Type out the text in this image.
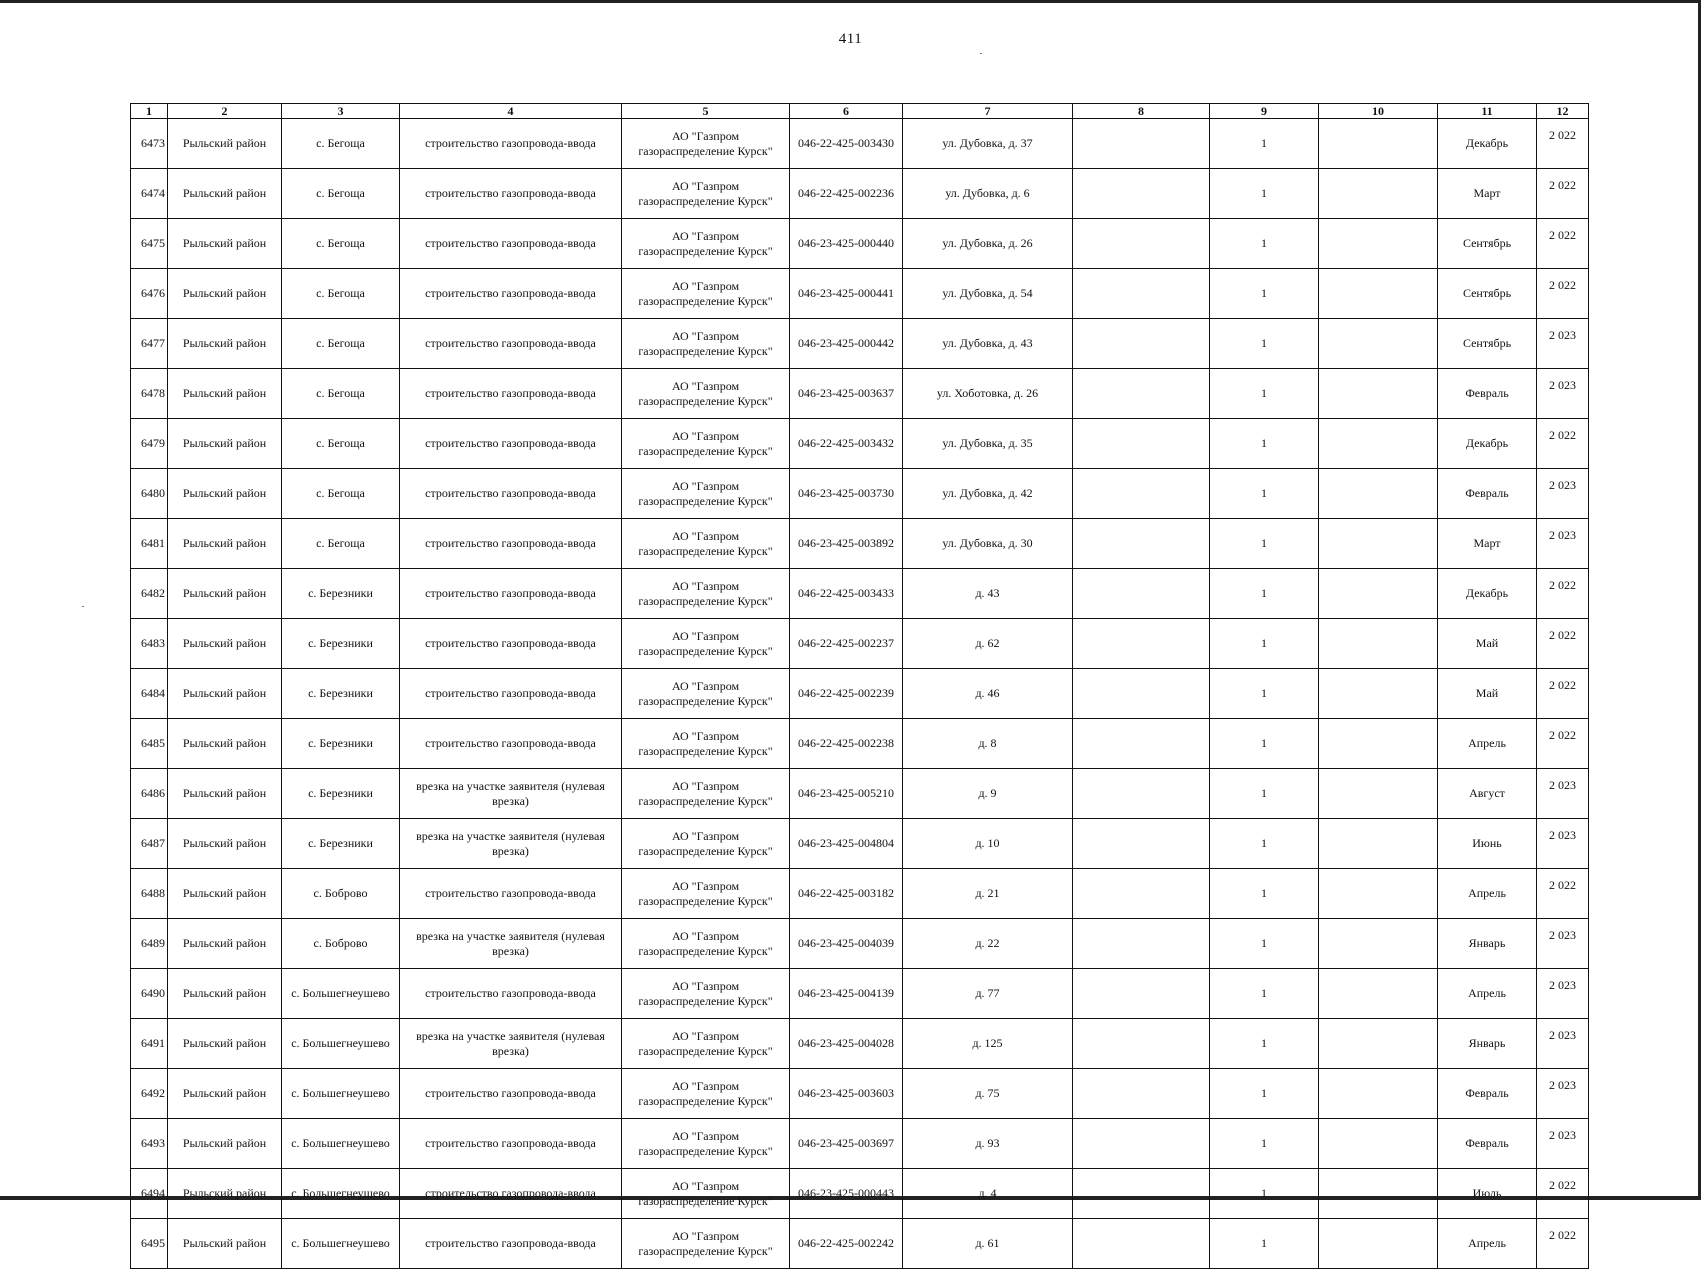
411
1	2	3	4	5	6	7	8	9	10	11	12
6473	Рыльский район	с. Бегоща	строительство газопровода-ввода	АО "Газпром
газораспределение Курск"	046-22-425-003430	ул. Дубовка, д. 37		1		Декабрь	2 022
6474	Рыльский район	с. Бегоща	строительство газопровода-ввода	АО "Газпром
газораспределение Курск"	046-22-425-002236	ул. Дубовка, д. 6		1		Март	2 022
6475	Рыльский район	с. Бегоща	строительство газопровода-ввода	АО "Газпром
газораспределение Курск"	046-23-425-000440	ул. Дубовка, д. 26		1		Сентябрь	2 022
6476	Рыльский район	с. Бегоща	строительство газопровода-ввода	АО "Газпром
газораспределение Курск"	046-23-425-000441	ул. Дубовка, д. 54		1		Сентябрь	2 022
6477	Рыльский район	с. Бегоща	строительство газопровода-ввода	АО "Газпром
газораспределение Курск"	046-23-425-000442	ул. Дубовка, д. 43		1		Сентябрь	2 023
6478	Рыльский район	с. Бегоща	строительство газопровода-ввода	АО "Газпром
газораспределение Курск"	046-23-425-003637	ул. Хоботовка, д. 26		1		Февраль	2 023
6479	Рыльский район	с. Бегоща	строительство газопровода-ввода	АО "Газпром
газораспределение Курск"	046-22-425-003432	ул. Дубовка, д. 35		1		Декабрь	2 022
6480	Рыльский район	с. Бегоща	строительство газопровода-ввода	АО "Газпром
газораспределение Курск"	046-23-425-003730	ул. Дубовка, д. 42		1		Февраль	2 023
6481	Рыльский район	с. Бегоща	строительство газопровода-ввода	АО "Газпром
газораспределение Курск"	046-23-425-003892	ул. Дубовка, д. 30		1		Март	2 023
6482	Рыльский район	с. Березники	строительство газопровода-ввода	АО "Газпром
газораспределение Курск"	046-22-425-003433	д. 43		1		Декабрь	2 022
6483	Рыльский район	с. Березники	строительство газопровода-ввода	АО "Газпром
газораспределение Курск"	046-22-425-002237	д. 62		1		Май	2 022
6484	Рыльский район	с. Березники	строительство газопровода-ввода	АО "Газпром
газораспределение Курск"	046-22-425-002239	д. 46		1		Май	2 022
6485	Рыльский район	с. Березники	строительство газопровода-ввода	АО "Газпром
газораспределение Курск"	046-22-425-002238	д. 8		1		Апрель	2 022
6486	Рыльский район	с. Березники	врезка на участке заявителя (нулевая врезка)	АО "Газпром
газораспределение Курск"	046-23-425-005210	д. 9		1		Август	2 023
6487	Рыльский район	с. Березники	врезка на участке заявителя (нулевая врезка)	АО "Газпром
газораспределение Курск"	046-23-425-004804	д. 10		1		Июнь	2 023
6488	Рыльский район	с. Боброво	строительство газопровода-ввода	АО "Газпром
газораспределение Курск"	046-22-425-003182	д. 21		1		Апрель	2 022
6489	Рыльский район	с. Боброво	врезка на участке заявителя (нулевая врезка)	АО "Газпром
газораспределение Курск"	046-23-425-004039	д. 22		1		Январь	2 023
6490	Рыльский район	с. Большегнеушево	строительство газопровода-ввода	АО "Газпром
газораспределение Курск"	046-23-425-004139	д. 77		1		Апрель	2 023
6491	Рыльский район	с. Большегнеушево	врезка на участке заявителя (нулевая врезка)	АО "Газпром
газораспределение Курск"	046-23-425-004028	д. 125		1		Январь	2 023
6492	Рыльский район	с. Большегнеушево	строительство газопровода-ввода	АО "Газпром
газораспределение Курск"	046-23-425-003603	д. 75		1		Февраль	2 023
6493	Рыльский район	с. Большегнеушево	строительство газопровода-ввода	АО "Газпром
газораспределение Курск"	046-23-425-003697	д. 93		1		Февраль	2 023
6494	Рыльский район	с. Большегнеушево	строительство газопровода-ввода	АО "Газпром
газораспределение Курск"	046-23-425-000443	д. 4		1		Июль	2 022
6495	Рыльский район	с. Большегнеушево	строительство газопровода-ввода	АО "Газпром
газораспределение Курск"	046-22-425-002242	д. 61		1		Апрель	2 022
